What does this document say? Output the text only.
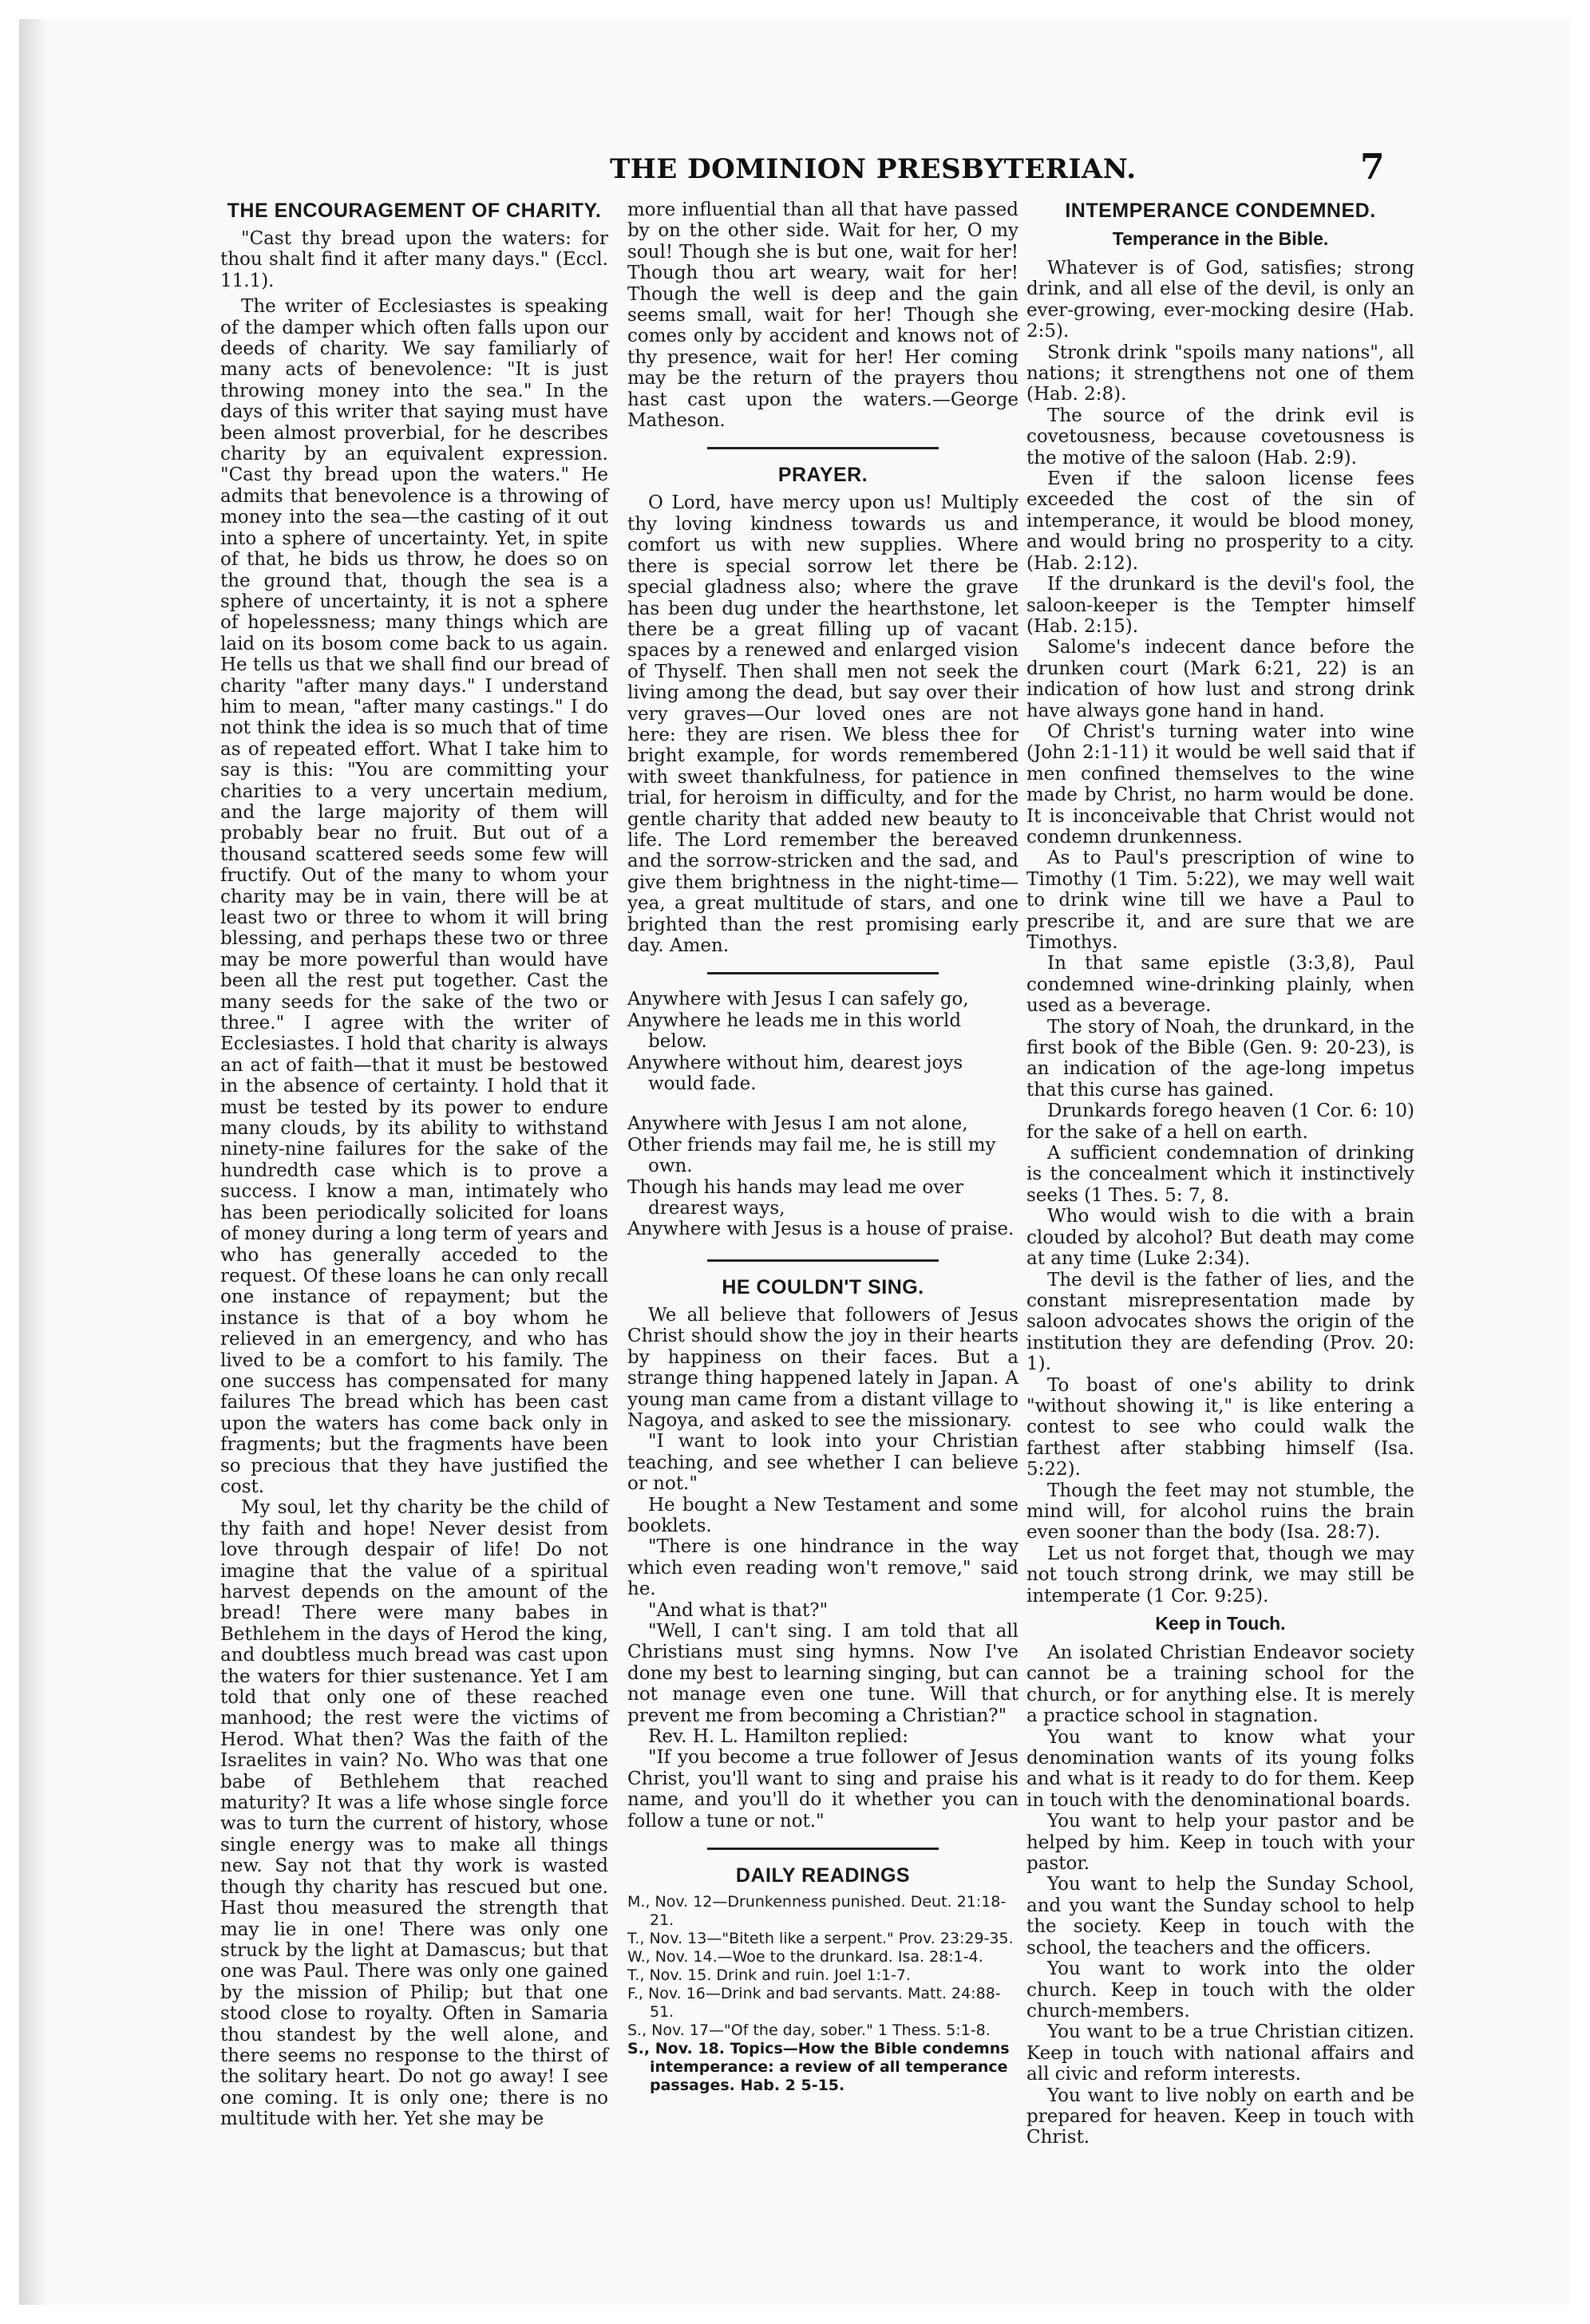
THE DOMINION PRESBYTERIAN.	7
THE ENCOURAGEMENT OF CHARITY.

"Cast thy bread upon the waters: for thou shalt find it after many days." (Eccl. 11.1).

The writer of Ecclesiastes is speaking of the damper which often falls upon our deeds of charity. We say familiarly of many acts of benevolence: "It is just throwing money into the sea." In the days of this writer that saying must have been almost proverbial, for he describes charity by an equivalent expression. "Cast thy bread upon the waters." He admits that benevolence is a throwing of money into the sea—the casting of it out into a sphere of uncertainty. Yet, in spite of that, he bids us throw, he does so on the ground that, though the sea is a sphere of uncertainty, it is not a sphere of hopelessness; many things which are laid on its bosom come back to us again. He tells us that we shall find our bread of charity "after many days." I understand him to mean, "after many castings." I do not think the idea is so much that of time as of repeated effort. What I take him to say is this: "You are committing your charities to a very uncertain medium, and the large majority of them will probably bear no fruit. But out of a thousand scattered seeds some few will fructify. Out of the many to whom your charity may be in vain, there will be at least two or three to whom it will bring blessing, and perhaps these two or three may be more powerful than would have been all the rest put together. Cast the many seeds for the sake of the two or three." I agree with the writer of Ecclesiastes. I hold that charity is always an act of faith—that it must be bestowed in the absence of certainty. I hold that it must be tested by its power to endure many clouds, by its ability to withstand ninety-nine failures for the sake of the hundredth case which is to prove a success. I know a man, intimately who has been periodically solicited for loans of money during a long term of years and who has generally acceded to the request. Of these loans he can only recall one instance of repayment; but the instance is that of a boy whom he relieved in an emergency, and who has lived to be a comfort to his family. The one success has compensated for many failures The bread which has been cast upon the waters has come back only in fragments; but the fragments have been so precious that they have justified the cost.

My soul, let thy charity be the child of thy faith and hope! Never desist from love through despair of life! Do not imagine that the value of a spiritual harvest depends on the amount of the bread! There were many babes in Bethlehem in the days of Herod the king, and doubtless much bread was cast upon the waters for thier sustenance. Yet I am told that only one of these reached manhood; the rest were the victims of Herod. What then? Was the faith of the Israelites in vain? No. Who was that one babe of Bethlehem that reached maturity? It was a life whose single force was to turn the current of history, whose single energy was to make all things new. Say not that thy work is wasted though thy charity has rescued but one. Hast thou measured the strength that may lie in one! There was only one struck by the light at Damascus; but that one was Paul. There was only one gained by the mission of Philip; but that one stood close to royalty. Often in Samaria thou standest by the well alone, and there seems no response to the thirst of the solitary heart. Do not go away! I see one coming. It is only one; there is no multitude with her. Yet she may be

more influential than all that have passed by on the other side. Wait for her, O my soul! Though she is but one, wait for her! Though thou art weary, wait for her! Though the well is deep and the gain seems small, wait for her! Though she comes only by accident and knows not of thy presence, wait for her! Her coming may be the return of the prayers thou hast cast upon the waters.—George Matheson.

PRAYER.

O Lord, have mercy upon us! Multiply thy loving kindness towards us and comfort us with new supplies. Where there is special sorrow let there be special gladness also; where the grave has been dug under the hearthstone, let there be a great filling up of vacant spaces by a renewed and enlarged vision of Thyself. Then shall men not seek the living among the dead, but say over their very graves—Our loved ones are not here: they are risen. We bless thee for bright example, for words remembered with sweet thankfulness, for patience in trial, for heroism in difficulty, and for the gentle charity that added new beauty to life. The Lord remember the bereaved and the sorrow-stricken and the sad, and give them brightness in the night-time—yea, a great multitude of stars, and one brighted than the rest promising early day. Amen.

Anywhere with Jesus I can safely go,
Anywhere he leads me in this world below.
Anywhere without him, dearest joys would fade.
Anywhere with Jesus I am not alone,
Other friends may fail me, he is still my own.
Though his hands may lead me over drearest ways,
Anywhere with Jesus is a house of praise.
HE COULDN'T SING.

We all believe that followers of Jesus Christ should show the joy in their hearts by happiness on their faces. But a strange thing happened lately in Japan. A young man came from a distant village to Nagoya, and asked to see the missionary.

"I want to look into your Christian teaching, and see whether I can believe or not."

He bought a New Testament and some booklets.

"There is one hindrance in the way which even reading won't remove," said he.

"And what is that?"

"Well, I can't sing. I am told that all Christians must sing hymns. Now I've done my best to learning singing, but can not manage even one tune. Will that prevent me from becoming a Christian?"

Rev. H. L. Hamilton replied:

"If you become a true follower of Jesus Christ, you'll want to sing and praise his name, and you'll do it whether you can follow a tune or not."

DAILY READINGS
M., Nov. 12—Drunkenness punished. Deut. 21:18-21.
T., Nov. 13—"Biteth like a serpent." Prov. 23:29-35.
W., Nov. 14.—Woe to the drunkard. Isa. 28:1-4.
T., Nov. 15. Drink and ruin. Joel 1:1-7.
F., Nov. 16—Drink and bad servants. Matt. 24:88-51.
S., Nov. 17—"Of the day, sober." 1 Thess. 5:1-8.
S., Nov. 18. Topics—How the Bible condemns intemperance: a review of all temperance passages. Hab. 2 5-15.
INTEMPERANCE CONDEMNED.
Temperance in the Bible.

Whatever is of God, satisfies; strong drink, and all else of the devil, is only an ever-growing, ever-mocking desire (Hab. 2:5).

Stronk drink "spoils many nations", all nations; it strengthens not one of them (Hab. 2:8).

The source of the drink evil is covetousness, because covetousness is the motive of the saloon (Hab. 2:9).

Even if the saloon license fees exceeded the cost of the sin of intemperance, it would be blood money, and would bring no prosperity to a city. (Hab. 2:12).

If the drunkard is the devil's fool, the saloon-keeper is the Tempter himself (Hab. 2:15).

Salome's indecent dance before the drunken court (Mark 6:21, 22) is an indication of how lust and strong drink have always gone hand in hand.

Of Christ's turning water into wine (John 2:1-11) it would be well said that if men confined themselves to the wine made by Christ, no harm would be done. It is inconceivable that Christ would not condemn drunkenness.

As to Paul's prescription of wine to Timothy (1 Tim. 5:22), we may well wait to drink wine till we have a Paul to prescribe it, and are sure that we are Timothys.

In that same epistle (3:3,8), Paul condemned wine-drinking plainly, when used as a beverage.

The story of Noah, the drunkard, in the first book of the Bible (Gen. 9: 20-23), is an indication of the age-long impetus that this curse has gained.

Drunkards forego heaven (1 Cor. 6: 10) for the sake of a hell on earth.

A sufficient condemnation of drinking is the concealment which it instinctively seeks (1 Thes. 5: 7, 8.

Who would wish to die with a brain clouded by alcohol? But death may come at any time (Luke 2:34).

The devil is the father of lies, and the constant misrepresentation made by saloon advocates shows the origin of the institution they are defending (Prov. 20: 1).

To boast of one's ability to drink "without showing it," is like entering a contest to see who could walk the farthest after stabbing himself (Isa. 5:22).

Though the feet may not stumble, the mind will, for alcohol ruins the brain even sooner than the body (Isa. 28:7).

Let us not forget that, though we may not touch strong drink, we may still be intemperate (1 Cor. 9:25).

Keep in Touch.

An isolated Christian Endeavor society cannot be a training school for the church, or for anything else. It is merely a practice school in stagnation.

You want to know what your denomination wants of its young folks and what is it ready to do for them. Keep in touch with the denominational boards.

You want to help your pastor and be helped by him. Keep in touch with your pastor.

You want to help the Sunday School, and you want the Sunday school to help the society. Keep in touch with the school, the teachers and the officers.

You want to work into the older church. Keep in touch with the older church-members.

You want to be a true Christian citizen. Keep in touch with national affairs and all civic and reform interests.

You want to live nobly on earth and be prepared for heaven. Keep in touch with Christ.
